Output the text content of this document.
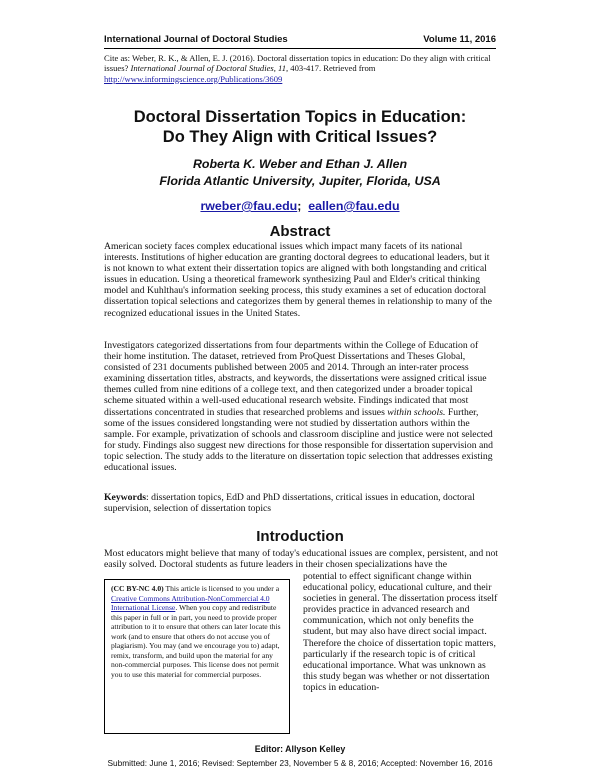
International Journal of Doctoral Studies	Volume 11, 2016
Cite as: Weber, R. K., & Allen, E. J. (2016). Doctoral dissertation topics in education: Do they align with critical issues? International Journal of Doctoral Studies, 11, 403-417. Retrieved from
http://www.informingscience.org/Publications/3609
Doctoral Dissertation Topics in Education:
Do They Align with Critical Issues?
Roberta K. Weber and Ethan J. Allen
Florida Atlantic University, Jupiter, Florida, USA
rweber@fau.edu; eallen@fau.edu
Abstract
American society faces complex educational issues which impact many facets of its national interests. Institutions of higher education are granting doctoral degrees to educational leaders, but it is not known to what extent their dissertation topics are aligned with both longstanding and critical issues in education. Using a theoretical framework synthesizing Paul and Elder's critical thinking model and Kuhlthau's information seeking process, this study examines a set of education doctoral dissertation topical selections and categorizes them by general themes in relationship to many of the recognized educational issues in the United States.
Investigators categorized dissertations from four departments within the College of Education of their home institution. The dataset, retrieved from ProQuest Dissertations and Theses Global, consisted of 231 documents published between 2005 and 2014. Through an inter-rater process examining dissertation titles, abstracts, and keywords, the dissertations were assigned critical issue themes culled from nine editions of a college text, and then categorized under a broader topical scheme situated within a well-used educational research website. Findings indicated that most dissertations concentrated in studies that researched problems and issues within schools. Further, some of the issues considered longstanding were not studied by dissertation authors within the sample. For example, privatization of schools and classroom discipline and justice were not selected for study. Findings also suggest new directions for those responsible for dissertation supervision and topic selection. The study adds to the literature on dissertation topic selection that addresses existing educational issues.
Keywords: dissertation topics, EdD and PhD dissertations, critical issues in education, doctoral supervision, selection of dissertation topics
Introduction
Most educators might believe that many of today's educational issues are complex, persistent, and not easily solved. Doctoral students as future leaders in their chosen specializations have the
(CC BY-NC 4.0) This article is licensed to you under a Creative Commons Attribution-NonCommercial 4.0 International License. When you copy and redistribute this paper in full or in part, you need to provide proper attribution to it to ensure that others can later locate this work (and to ensure that others do not accuse you of plagiarism). You may (and we encourage you to) adapt, remix, transform, and build upon the material for any non-commercial purposes. This license does not permit you to use this material for commercial purposes.
potential to effect significant change within educational policy, educational culture, and their societies in general. The dissertation process itself provides practice in advanced research and communication, which not only benefits the student, but may also have direct social impact. Therefore the choice of dissertation topic matters, particularly if the research topic is of critical educational importance. What was unknown as this study began was whether or not dissertation topics in education-
Editor: Allyson Kelley
Submitted: June 1, 2016; Revised: September 23, November 5 & 8, 2016; Accepted: November 16, 2016
